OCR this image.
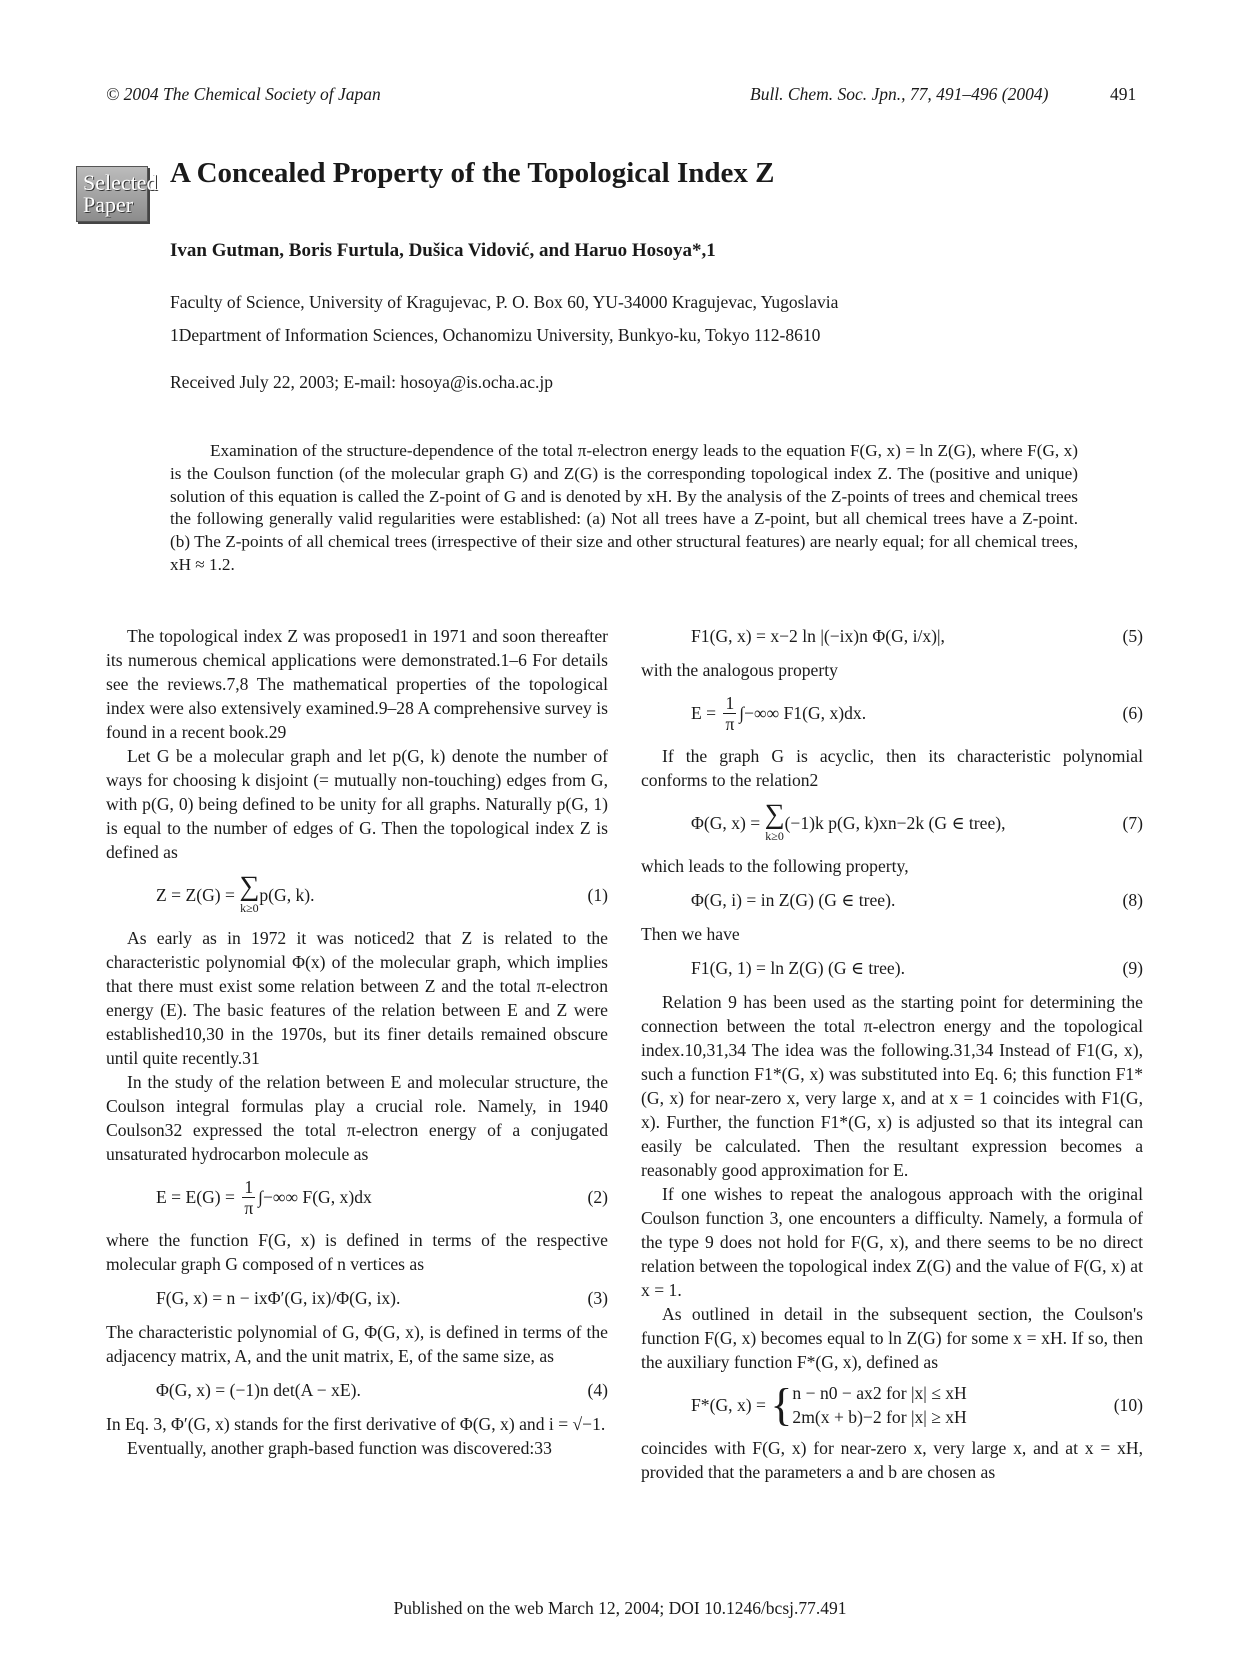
© 2004 The Chemical Society of Japan	Bull. Chem. Soc. Jpn., 77, 491–496 (2004)	491
Selected
Paper
A Concealed Property of the Topological Index Z
Ivan Gutman, Boris Furtula, Dušica Vidović, and Haruo Hosoya*,1
Faculty of Science, University of Kragujevac, P. O. Box 60, YU-34000 Kragujevac, Yugoslavia
1Department of Information Sciences, Ochanomizu University, Bunkyo-ku, Tokyo 112-8610
Received July 22, 2003; E-mail: hosoya@is.ocha.ac.jp
Examination of the structure-dependence of the total π-electron energy leads to the equation F(G, x) = ln Z(G), where F(G, x) is the Coulson function (of the molecular graph G) and Z(G) is the corresponding topological index Z. The (positive and unique) solution of this equation is called the Z-point of G and is denoted by xH. By the analysis of the Z-points of trees and chemical trees the following generally valid regularities were established: (a) Not all trees have a Z-point, but all chemical trees have a Z-point. (b) The Z-points of all chemical trees (irrespective of their size and other structural features) are nearly equal; for all chemical trees, xH ≈ 1.2.

The topological index Z was proposed1 in 1971 and soon thereafter its numerous chemical applications were demonstrated.1–6 For details see the reviews.7,8 The mathematical properties of the topological index were also extensively examined.9–28 A comprehensive survey is found in a recent book.29

Let G be a molecular graph and let p(G, k) denote the number of ways for choosing k disjoint (= mutually non-touching) edges from G, with p(G, 0) being defined to be unity for all graphs. Naturally p(G, 1) is equal to the number of edges of G. Then the topological index Z is defined as

Z = Z(G) =
∑
k≥0
p(G, k).	(1)

As early as in 1972 it was noticed2 that Z is related to the characteristic polynomial Φ(x) of the molecular graph, which implies that there must exist some relation between Z and the total π-electron energy (E). The basic features of the relation between E and Z were established10,30 in the 1970s, but its finer details remained obscure until quite recently.31

In the study of the relation between E and molecular structure, the Coulson integral formulas play a crucial role. Namely, in 1940 Coulson32 expressed the total π-electron energy of a conjugated unsaturated hydrocarbon molecule as

E = E(G) =
$\frac{1}{\pi}$ ∫−∞∞
F(G, x)dx	(2)

where the function F(G, x) is defined in terms of the respective molecular graph G composed of n vertices as

F(G, x) = n − ixΦ′(G, ix)/Φ(G, ix).	(3)

The characteristic polynomial of G, Φ(G, x), is defined in terms of the adjacency matrix, A, and the unit matrix, E, of the same size, as

Φ(G, x) = (−1)n det(A − xE).	(4)

In Eq. 3, Φ′(G, x) stands for the first derivative of Φ(G, x) and i = √−1.

Eventually, another graph-based function was discovered:33

F1(G, x) = x−2 ln |(−ix)n Φ(G, i/x)|,	(5)

with the analogous property

E =
$\frac{1}{\pi}$ ∫−∞∞
F1(G, x)dx.	(6)

If the graph G is acyclic, then its characteristic polynomial conforms to the relation2

Φ(G, x) =
∑
k≥0
(−1)k p(G, k)xn−2k (G ∈ tree),	(7)

which leads to the following property,

Φ(G, i) = in Z(G) (G ∈ tree).	(8)

Then we have

F1(G, 1) = ln Z(G) (G ∈ tree).	(9)

Relation 9 has been used as the starting point for determining the connection between the total π-electron energy and the topological index.10,31,34 The idea was the following.31,34 Instead of F1(G, x), such a function F1*(G, x) was substituted into Eq. 6; this function F1*(G, x) for near-zero x, very large x, and at x = 1 coincides with F1(G, x). Further, the function F1*(G, x) is adjusted so that its integral can easily be calculated. Then the resultant expression becomes a reasonably good approximation for E.

If one wishes to repeat the analogous approach with the original Coulson function 3, one encounters a difficulty. Namely, a formula of the type 9 does not hold for F(G, x), and there seems to be no direct relation between the topological index Z(G) and the value of F(G, x) at x = 1.

As outlined in detail in the subsequent section, the Coulson's function F(G, x) becomes equal to ln Z(G) for some x = xH. If so, then the auxiliary function F*(G, x), defined as

F*(G, x) =
{ n − n0 − ax2 for |x| ≤ xH
2m(x + b)−2 for |x| ≥ xH
(10)

coincides with F(G, x) for near-zero x, very large x, and at x = xH, provided that the parameters a and b are chosen as

Published on the web March 12, 2004; DOI 10.1246/bcsj.77.491
